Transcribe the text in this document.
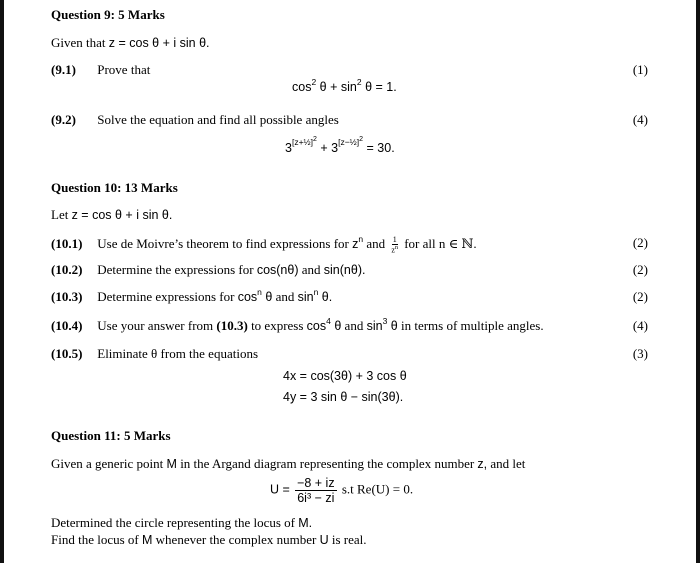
Question 9: 5 Marks
Given that z = cos θ + i sin θ.
(9.1) Prove that	(1)
$\cos^2 \theta + \sin^2 \theta = 1$.
(9.2) Solve the equation and find all possible angles	(4)
$3^{[z+\frac{1}{2}]2} + 3^{[z-\frac{1}{2}]2} = 30$.
Question 10: 13 Marks
Let z = cos θ + i sin θ.
(10.1) Use de Moivre’s theorem to find expressions for $z^n$ and $\frac{1}{z^n}$ for all n ∈ ℕ.	(2)
(10.2) Determine the expressions for cos(nθ) and sin(nθ).	(2)
(10.3) Determine expressions for $\cos^n \theta$ and $\sin^n \theta$.	(2)
(10.4) Use your answer from (10.3) to express $\cos^4 \theta$ and $\sin^3 \theta$ in terms of multiple angles.	(4)
(10.5) Eliminate θ from the equations	(3)
4x = cos(3θ) + 3 cos θ
4y = 3 sin θ − sin(3θ).
Question 11: 5 Marks
Given a generic point M in the Argand diagram representing the complex number z, and let
$U = \frac{-8 + iz}{\text{6i³ − zi}} s.t$ Re(U) = 0.
Determined the circle representing the locus of M.
Find the locus of M whenever the complex number U is real.
